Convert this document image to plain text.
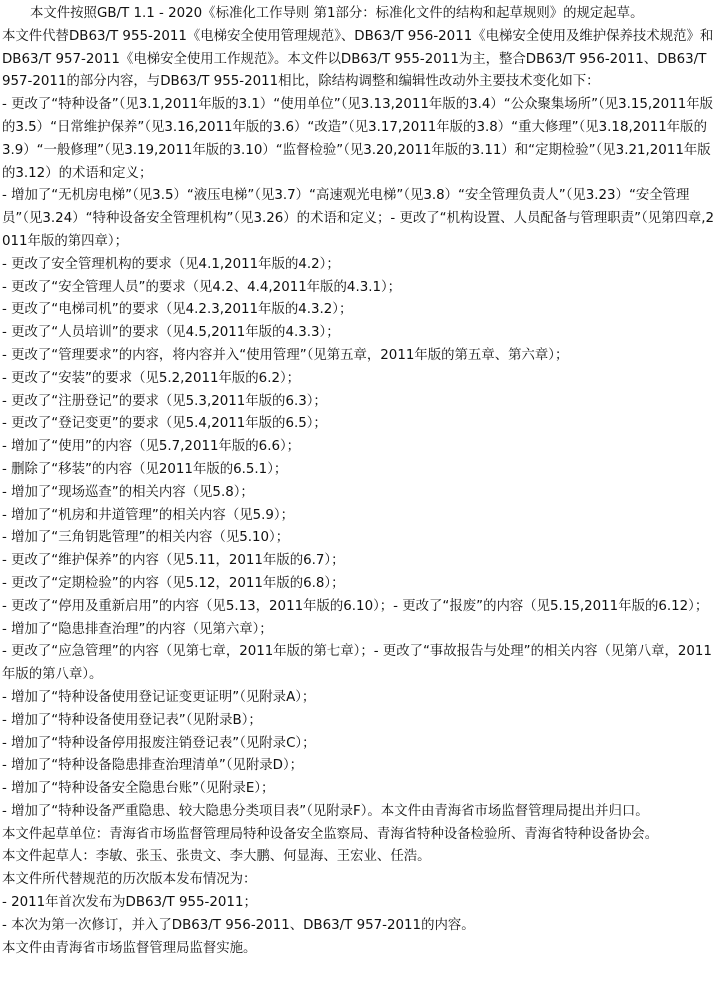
本文件按照GB/T 1.1 - 2020《标准化工作导则 第1部分：标准化文件的结构和起草规则》的规定起草。

本文件代替DB63/T 955-2011《电梯安全使用管理规范》、DB63/T 956-2011《电梯安全使用及维护保养技术规范》和DB63/T 957-2011《电梯安全使用工作规范》。本文件以DB63/T 955-2011为主，整合DB63/T 956-2011、DB63/T 957-2011的部分内容，与DB63/T 955-2011相比，除结构调整和编辑性改动外主要技术变化如下：

- 更改了“特种设备”（见3.1,2011年版的3.1）“使用单位”（见3.13,2011年版的3.4）“公众聚集场所”（见3.15,2011年版的3.5）“日常维护保养”（见3.16,2011年版的3.6）“改造”（见3.17,2011年版的3.8）“重大修理”（见3.18,2011年版的3.9）“一般修理”（见3.19,2011年版的3.10）“监督检验”（见3.20,2011年版的3.11）和“定期检验”（见3.21,2011年版的3.12）的术语和定义；

- 增加了“无机房电梯”（见3.5）“液压电梯”（见3.7）“高速观光电梯”（见3.8）“安全管理负责人”（见3.23）“安全管理员”（见3.24）“特种设备安全管理机构”（见3.26）的术语和定义；- 更改了“机构设置、人员配备与管理职责”（见第四章,2011年版的第四章）；

- 更改了安全管理机构的要求（见4.1,2011年版的4.2）；

- 更改了“安全管理人员”的要求（见4.2、4.4,2011年版的4.3.1）；

- 更改了“电梯司机”的要求（见4.2.3,2011年版的4.3.2）；

- 更改了“人员培训”的要求（见4.5,2011年版的4.3.3）；

- 更改了“管理要求”的内容，将内容并入“使用管理”（见第五章，2011年版的第五章、第六章）；

- 更改了“安装”的要求（见5.2,2011年版的6.2）；

- 更改了“注册登记”的要求（见5.3,2011年版的6.3）；

- 更改了“登记变更”的要求（见5.4,2011年版的6.5）；

- 增加了“使用”的内容（见5.7,2011年版的6.6）；

- 删除了“移装”的内容（见2011年版的6.5.1）；

- 增加了“现场巡查”的相关内容（见5.8）；

- 增加了“机房和井道管理”的相关内容（见5.9）；

- 增加了“三角钥匙管理”的相关内容（见5.10）；

- 更改了“维护保养”的内容（见5.11，2011年版的6.7）；

- 更改了“定期检验”的内容（见5.12，2011年版的6.8）；

- 更改了“停用及重新启用”的内容（见5.13，2011年版的6.10）；- 更改了“报废”的内容（见5.15,2011年版的6.12）；

- 增加了“隐患排查治理”的内容（见第六章）；

- 更改了“应急管理”的内容（见第七章，2011年版的第七章）；- 更改了“事故报告与处理”的相关内容（见第八章，2011年版的第八章）。

- 增加了“特种设备使用登记证变更证明”（见附录A）；

- 增加了“特种设备使用登记表”（见附录B）；

- 增加了“特种设备停用报废注销登记表”（见附录C）；

- 增加了“特种设备隐患排查治理清单”（见附录D）；

- 增加了“特种设备安全隐患台账”（见附录E）；

- 增加了“特种设备严重隐患、较大隐患分类项目表”（见附录F）。本文件由青海省市场监督管理局提出并归口。

本文件起草单位：青海省市场监督管理局特种设备安全监察局、青海省特种设备检验所、青海省特种设备协会。

本文件起草人：李敏、张玉、张贵文、李大鹏、何显海、王宏业、任浩。

本文件所代替规范的历次版本发布情况为：

- 2011年首次发布为DB63/T 955-2011；

- 本次为第一次修订，并入了DB63/T 956-2011、DB63/T 957-2011的内容。

本文件由青海省市场监督管理局监督实施。
